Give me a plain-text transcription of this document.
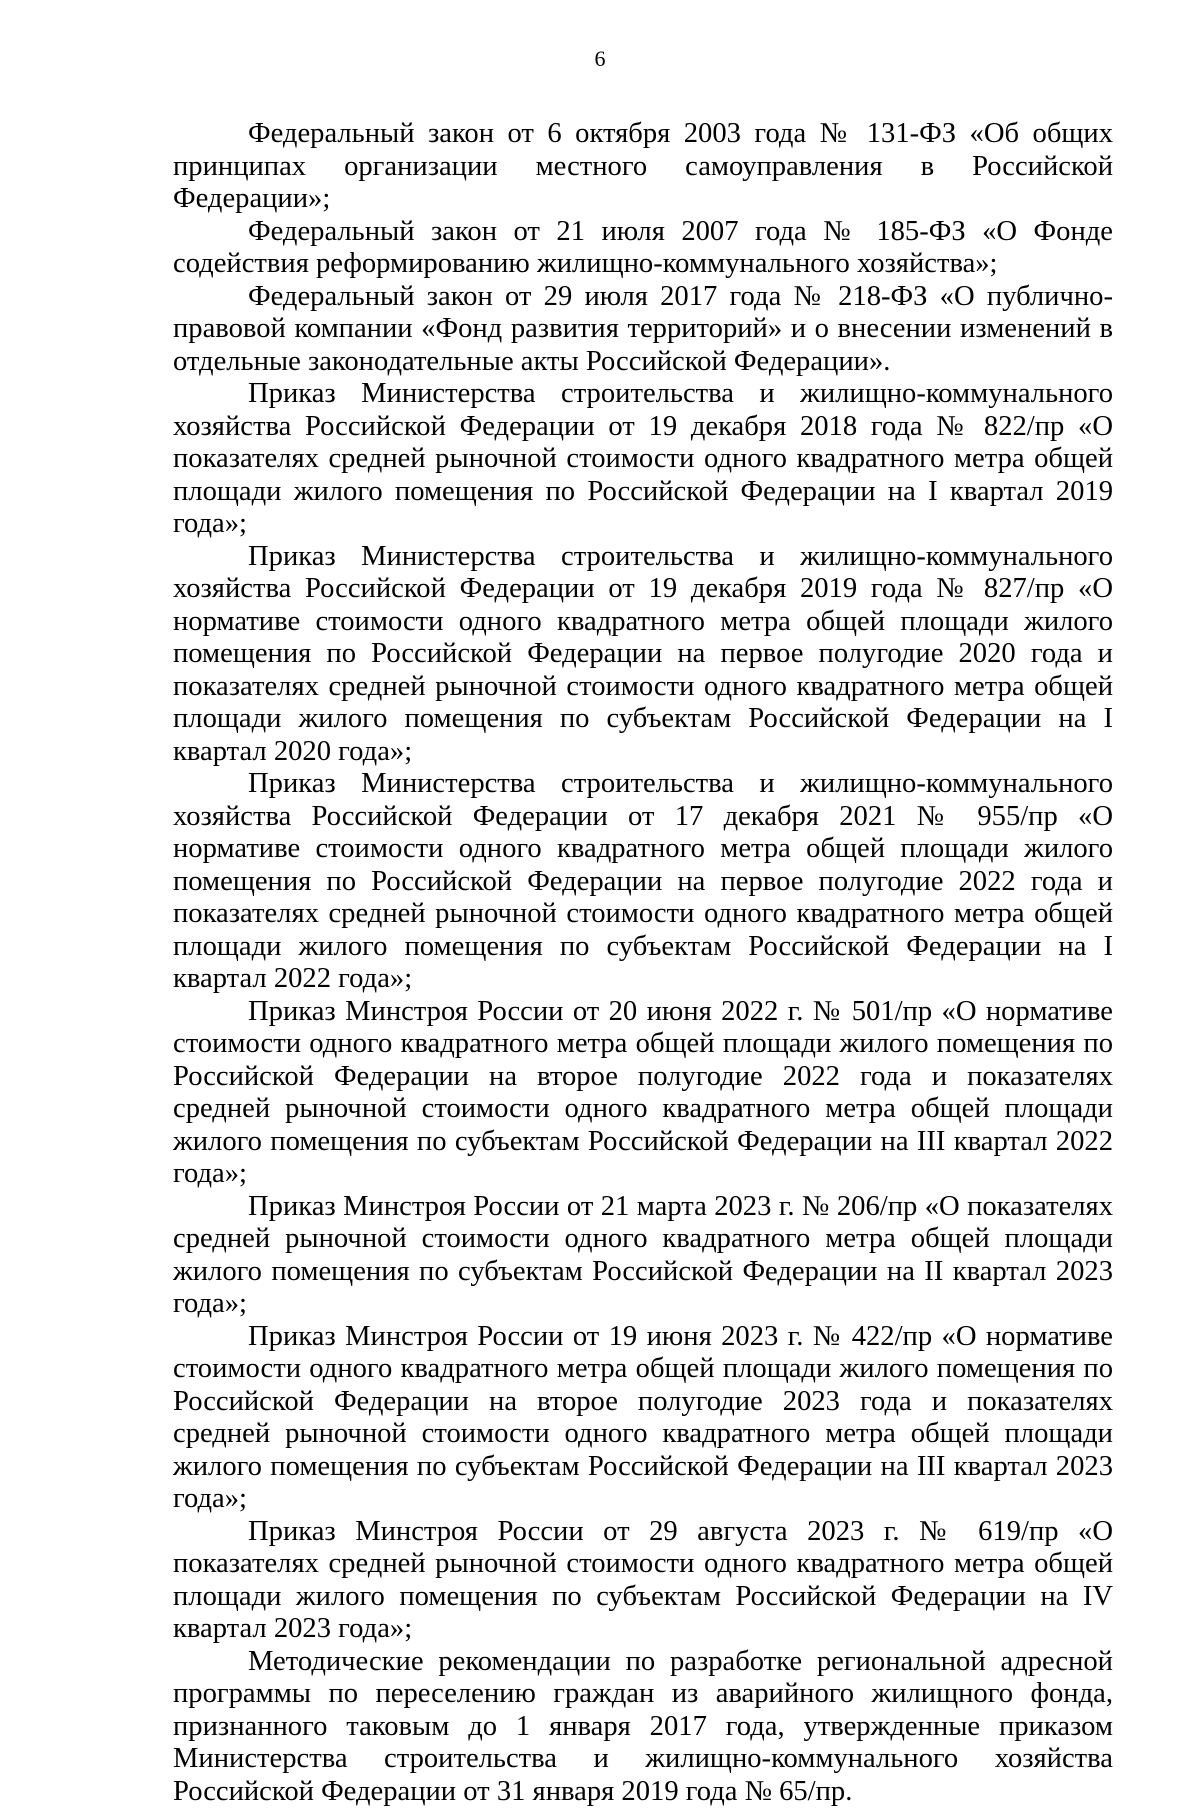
6

Федеральный закон от 6 октября 2003 года № 131-ФЗ «Об общих принципах организации местного самоуправления в Российской Федерации»;

Федеральный закон от 21 июля 2007 года № 185-ФЗ «О Фонде содействия реформированию жилищно-коммунального хозяйства»;

Федеральный закон от 29 июля 2017 года № 218-ФЗ «О публично-правовой компании «Фонд развития территорий» и о внесении изменений в отдельные законодательные акты Российской Федерации».

Приказ Министерства строительства и жилищно-коммунального хозяйства Российской Федерации от 19 декабря 2018 года № 822/пр «О показателях средней рыночной стоимости одного квадратного метра общей площади жилого помещения по Российской Федерации на I квартал 2019 года»;

Приказ Министерства строительства и жилищно-коммунального хозяйства Российской Федерации от 19 декабря 2019 года № 827/пр «О нормативе стоимости одного квадратного метра общей площади жилого помещения по Российской Федерации на первое полугодие 2020 года и показателях средней рыночной стоимости одного квадратного метра общей площади жилого помещения по субъектам Российской Федерации на I квартал 2020 года»;

Приказ Министерства строительства и жилищно-коммунального хозяйства Российской Федерации от 17 декабря 2021 № 955/пр «О нормативе стоимости одного квадратного метра общей площади жилого помещения по Российской Федерации на первое полугодие 2022 года и показателях средней рыночной стоимости одного квадратного метра общей площади жилого помещения по субъектам Российской Федерации на I квартал 2022 года»;

Приказ Минстроя России от 20 июня 2022 г. № 501/пр «О нормативе стоимости одного квадратного метра общей площади жилого помещения по Российской Федерации на второе полугодие 2022 года и показателях средней рыночной стоимости одного квадратного метра общей площади жилого помещения по субъектам Российской Федерации на III квартал 2022 года»;

Приказ Минстроя России от 21 марта 2023 г. № 206/пр «О показателях средней рыночной стоимости одного квадратного метра общей площади жилого помещения по субъектам Российской Федерации на II квартал 2023 года»;

Приказ Минстроя России от 19 июня 2023 г. № 422/пр «О нормативе стоимости одного квадратного метра общей площади жилого помещения по Российской Федерации на второе полугодие 2023 года и показателях средней рыночной стоимости одного квадратного метра общей площади жилого помещения по субъектам Российской Федерации на III квартал 2023 года»;

Приказ Минстроя России от 29 августа 2023 г. № 619/пр «О показателях средней рыночной стоимости одного квадратного метра общей площади жилого помещения по субъектам Российской Федерации на IV квартал 2023 года»;

Методические рекомендации по разработке региональной адресной программы по переселению граждан из аварийного жилищного фонда, признанного таковым до 1 января 2017 года, утвержденные приказом Министерства строительства и жилищно-коммунального хозяйства Российской Федерации от 31 января 2019 года № 65/пр.
